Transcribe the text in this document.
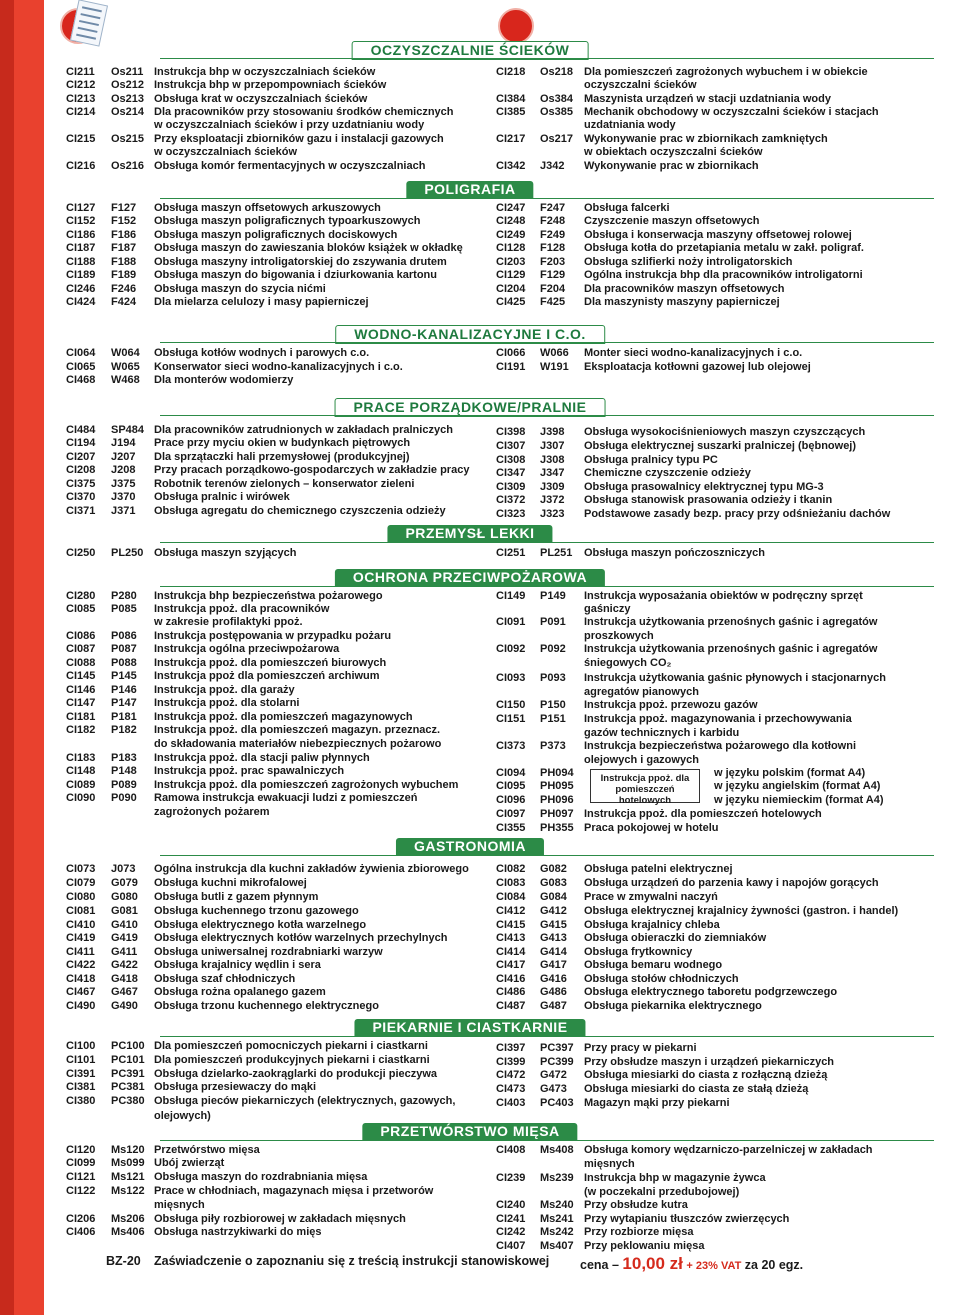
OCZYSZCZALNIE ŚCIEKÓW
CI211 Os211 Instrukcja bhp w oczyszczalniach ścieków
CI212 Os212 Instrukcja bhp w przepompowniach ścieków
CI213 Os213 Obsługa krat w oczyszczalniach ścieków
CI214 Os214 Dla pracowników przy stosowaniu środków chemicznych
w oczyszczalniach ścieków i przy uzdatnianiu wody
CI215 Os215 Przy eksploatacji zbiorników gazu i instalacji gazowych
w oczyszczalniach ścieków
CI216 Os216 Obsługa komór fermentacyjnych w oczyszczalniach
CI218 Os218 Dla pomieszczeń zagrożonych wybuchem i w obiekcie
oczyszczalni ścieków
CI384 Os384 Maszynista urządzeń w stacji uzdatniania wody
CI385 Os385 Mechanik obchodowy w oczyszczalni ścieków i stacjach
uzdatniania wody
CI217 Os217 Wykonywanie prac w zbiornikach zamkniętych
w obiektach oczyszczalni ścieków
CI342 J342 Wykonywanie prac w zbiornikach
POLIGRAFIA
CI127 F127 Obsługa maszyn offsetowych arkuszowych
CI152 F152 Obsługa maszyn poligraficznych typoarkuszowych
CI186 F186 Obsługa maszyn poligraficznych dociskowych
CI187 F187 Obsługa maszyn do zawieszania bloków książek w okładkę
CI188 F188 Obsługa maszyny introligatorskiej do zszywania drutem
CI189 F189 Obsługa maszyn do bigowania i dziurkowania kartonu
CI246 F246 Obsługa maszyn do szycia nićmi
CI424 F424 Dla mielarza celulozy i masy papierniczej
CI247 F247 Obsługa falcerki
CI248 F248 Czyszczenie maszyn offsetowych
CI249 F249 Obsługa i konserwacja maszyny offsetowej rolowej
CI128 F128 Obsługa kotła do przetapiania metalu w zakł. poligraf.
CI203 F203 Obsługa szlifierki noży introligatorskich
CI129 F129 Ogólna instrukcja bhp dla pracowników introligatorni
CI204 F204 Dla pracowników maszyn offsetowych
CI425 F425 Dla maszynisty maszyny papierniczej
WODNO-KANALIZACYJNE I C.O.
CI064 W064 Obsługa kotłów wodnych i parowych c.o.
CI065 W065 Konserwator sieci wodno-kanalizacyjnych i c.o.
CI468 W468 Dla monterów wodomierzy
CI066 W066 Monter sieci wodno-kanalizacyjnych i c.o.
CI191 W191 Eksploatacja kotłowni gazowej lub olejowej
PRACE PORZĄDKOWE/PRALNIE
CI484 SP484 Dla pracowników zatrudnionych w zakładach pralniczych
CI194 J194 Prace przy myciu okien w budynkach piętrowych
CI207 J207 Dla sprzątaczki hali przemysłowej (produkcyjnej)
CI208 J208 Przy pracach porządkowo-gospodarczych w zakładzie pracy
CI375 J375 Robotnik terenów zielonych – konserwator zieleni
CI370 J370 Obsługa pralnic i wirówek
CI371 J371 Obsługa agregatu do chemicznego czyszczenia odzieży
CI398 J398 Obsługa wysokociśnieniowych maszyn czyszczących
CI307 J307 Obsługa elektrycznej suszarki pralniczej (bębnowej)
CI308 J308 Obsługa pralnicy typu PC
CI347 J347 Chemiczne czyszczenie odzieży
CI309 J309 Obsługa prasowalnicy elektrycznej typu MG-3
CI372 J372 Obsługa stanowisk prasowania odzieży i tkanin
CI323 J323 Podstawowe zasady bezp. pracy przy odśnieżaniu dachów
PRZEMYSŁ LEKKI
CI250 PL250 Obsługa maszyn szyjących	CI251 PL251 Obsługa maszyn pończoszniczych
OCHRONA PRZECIWPOŻAROWA
CI280 P280 Instrukcja bhp bezpieczeństwa pożarowego
CI085 P085 Instrukcja ppoż. dla pracowników
w zakresie profilaktyki ppoż.
CI086 P086 Instrukcja postępowania w przypadku pożaru
CI087 P087 Instrukcja ogólna przeciwpożarowa
CI088 P088 Instrukcja ppoż. dla pomieszczeń biurowych
CI145 P145 Instrukcja ppoż dla pomieszczeń archiwum
CI146 P146 Instrukcja ppoż. dla garaży
CI147 P147 Instrukcja ppoż. dla stolarni
CI181 P181 Instrukcja ppoż. dla pomieszczeń magazynowych
CI182 P182 Instrukcja ppoż. dla pomieszczeń magazyn. przeznacz.
do składowania materiałów niebezpiecznych pożarowo
CI183 P183 Instrukcja ppoż. dla stacji paliw płynnych
CI148 P148 Instrukcja ppoż. prac spawalniczych
CI089 P089 Instrukcja ppoż. dla pomieszczeń zagrożonych wybuchem
CI090 P090 Ramowa instrukcja ewakuacji ludzi z pomieszczeń
zagrożonych pożarem
CI149 P149 Instrukcja wyposażania obiektów w podręczny sprzęt
gaśniczy
CI091 P091 Instrukcja użytkowania przenośnych gaśnic i agregatów
proszkowych
CI092 P092 Instrukcja użytkowania przenośnych gaśnic i agregatów
śniegowych CO₂
CI093 P093 Instrukcja użytkowania gaśnic płynowych i stacjonarnych
agregatów pianowych
CI150 P150 Instrukcja ppoż. przewozu gazów
CI151 P151 Instrukcja ppoż. magazynowania i przechowywania
gazów technicznych i karbidu
CI373 P373 Instrukcja bezpieczeństwa pożarowego dla kotłowni
olejowych i gazowych
CI094 PH094	w języku polskim (format A4)
CI095 PH095	w języku angielskim (format A4)
CI096 PH096	w języku niemieckim (format A4)
CI097 PH097 Instrukcja ppoż. dla pomieszczeń hotelowych
CI355 PH355 Praca pokojowej w hotelu
GASTRONOMIA
CI073 J073 Ogólna instrukcja dla kuchni zakładów żywienia zbiorowego
CI079 G079 Obsługa kuchni mikrofalowej
CI080 G080 Obsługa butli z gazem płynnym
CI081 G081 Obsługa kuchennego trzonu gazowego
CI410 G410 Obsługa elektrycznego kotła warzelnego
CI419 G419 Obsługa elektrycznych kotłów warzelnych przechylnych
CI411 G411 Obsługa uniwersalnej rozdrabniarki warzyw
CI422 G422 Obsługa krajalnicy wędlin i sera
CI418 G418 Obsługa szaf chłodniczych
CI467 G467 Obsługa rożna opalanego gazem
CI490 G490 Obsługa trzonu kuchennego elektrycznego
CI082 G082 Obsługa patelni elektrycznej
CI083 G083 Obsługa urządzeń do parzenia kawy i napojów gorących
CI084 G084 Prace w zmywalni naczyń
CI412 G412 Obsługa elektrycznej krajalnicy żywności (gastron. i handel)
CI415 G415 Obsługa krajalnicy chleba
CI413 G413 Obsługa obieraczki do ziemniaków
CI414 G414 Obsługa frytkownicy
CI417 G417 Obsługa bemaru wodnego
CI416 G416 Obsługa stołów chłodniczych
CI486 G486 Obsługa elektrycznego taboretu podgrzewczego
CI487 G487 Obsługa piekarnika elektrycznego
PIEKARNIE I CIASTKARNIE
CI100 PC100 Dla pomieszczeń pomocniczych piekarni i ciastkarni
CI101 PC101 Dla pomieszczeń produkcyjnych piekarni i ciastkarni
CI391 PC391 Obsługa dzielarko-zaokrąglarki do produkcji pieczywa
CI381 PC381 Obsługa przesiewaczy do mąki
CI380 PC380 Obsługa pieców piekarniczych (elektrycznych, gazowych,
olejowych)
CI397 PC397 Przy pracy w piekarni
CI399 PC399 Przy obsłudze maszyn i urządzeń piekarniczych
CI472 G472 Obsługa miesiarki do ciasta z rozłączną dzieżą
CI473 G473 Obsługa miesiarki do ciasta ze stałą dzieżą
CI403 PC403 Magazyn mąki przy piekarni
PRZETWÓRSTWO MIĘSA
CI120 Ms120 Przetwórstwo mięsa
CI099 Ms099 Ubój zwierząt
CI121 Ms121 Obsługa maszyn do rozdrabniania mięsa
CI122 Ms122 Prace w chłodniach, magazynach mięsa i przetworów
mięsnych
CI206 Ms206 Obsługa piły rozbiorowej w zakładach mięsnych
CI406 Ms406 Obsługa nastrzykiwarki do mięs
CI408 Ms408 Obsługa komory wędzarniczo-parzelniczej w zakładach
mięsnych
CI239 Ms239 Instrukcja bhp w magazynie żywca
(w poczekalni przedubojowej)
CI240 Ms240 Przy obsłudze kutra
CI241 Ms241 Przy wytapianiu tłuszczów zwierzęcych
CI242 Ms242 Przy rozbiorze mięsa
CI407 Ms407 Przy peklowaniu mięsa
Instrukcja ppoż. dla pomieszczeń hotelowych
BZ-20 Zaświadczenie o zapoznaniu się z treścią instrukcji stanowiskowej cena – 10,00 zł + 23% VAT za 20 egz.
